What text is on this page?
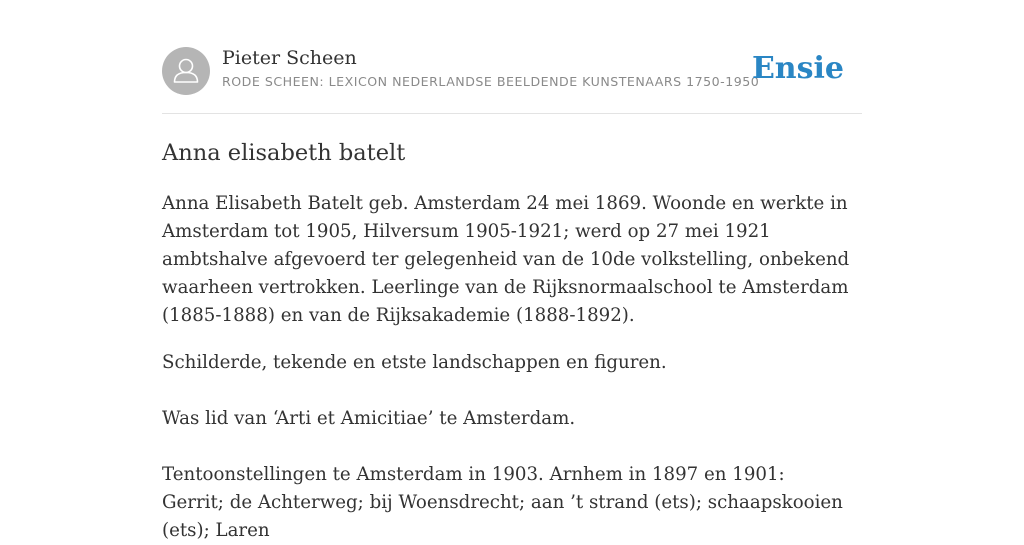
Pieter Scheen
RODE SCHEEN: LEXICON NEDERLANDSE BEELDENDE KUNSTENAARS 1750-1950
Ensie
Anna elisabeth batelt

Anna Elisabeth Batelt geb. Amsterdam 24 mei 1869. Woonde en werkte in Amsterdam tot 1905, Hilversum 1905-1921; werd op 27 mei 1921 ambtshalve afgevoerd ter gelegenheid van de 10de volkstelling, onbekend waarheen vertrokken. Leerlinge van de Rijksnormaalschool te Amsterdam (1885-1888) en van de Rijksakademie (1888-1892).

Schilderde, tekende en etste landschappen en figuren.

Was lid van ‘Arti et Amicitiae’ te Amsterdam.

Tentoonstellingen te Amsterdam in 1903. Arnhem in 1897 en 1901: Gerrit; de Achterweg; bij Woensdrecht; aan ’t strand (ets); schaapskooien (ets); Laren
